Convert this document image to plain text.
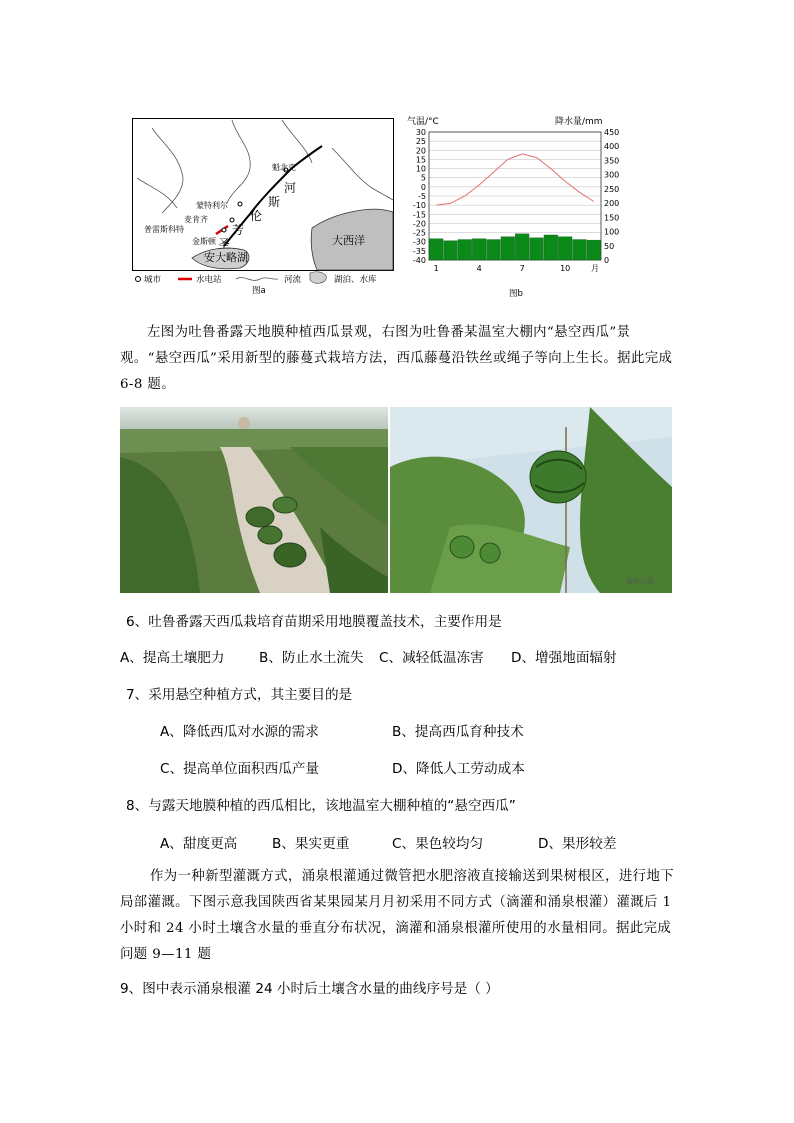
魁北克
河
斯
伦
芳
蒙特利尔
麦肯齐
普雷斯科特
金斯顿 圣
安大略湖
大西洋
城市	水电站	河流	湖泊、水库
图a
气温/°C	降水量/mm
30
25
20
15
10
5
0
-5
-10
-15
-20
-25
-30
-35
-40
450
400
350
300
250
200
150
100
50
0
1	4	7	10	月
图b
左图为吐鲁番露天地膜种植西瓜景观，右图为吐鲁番某温室大棚内“悬空西瓜”景观。“悬空西瓜”采用新型的藤蔓式栽培方法，西瓜藤蔓沿铁丝或绳子等向上生长。据此完成 6-8 题。
温岭日报
6、吐鲁番露天西瓜栽培育苗期采用地膜覆盖技术，主要作用是
A、提高土壤肥力	B、防止水土流失 C、减轻低温冻害 D、增强地面辐射
7、采用悬空种植方式，其主要目的是
A、降低西瓜对水源的需求	B、提高西瓜育种技术
C、提高单位面积西瓜产量	D、降低人工劳动成本
8、与露天地膜种植的西瓜相比，该地温室大棚种植的“悬空西瓜”
A、甜度更高	B、果实更重	C、果色较均匀	D、果形较差
作为一种新型灌溉方式，涌泉根灌通过微管把水肥溶液直接输送到果树根区，进行地下局部灌溉。下图示意我国陕西省某果园某月月初采用不同方式（滴灌和涌泉根灌）灌溉后 1 小时和 24 小时土壤含水量的垂直分布状况，滴灌和涌泉根灌所使用的水量相同。据此完成问题 9—11 题
9、图中表示涌泉根灌 24 小时后土壤含水量的曲线序号是（ ）
